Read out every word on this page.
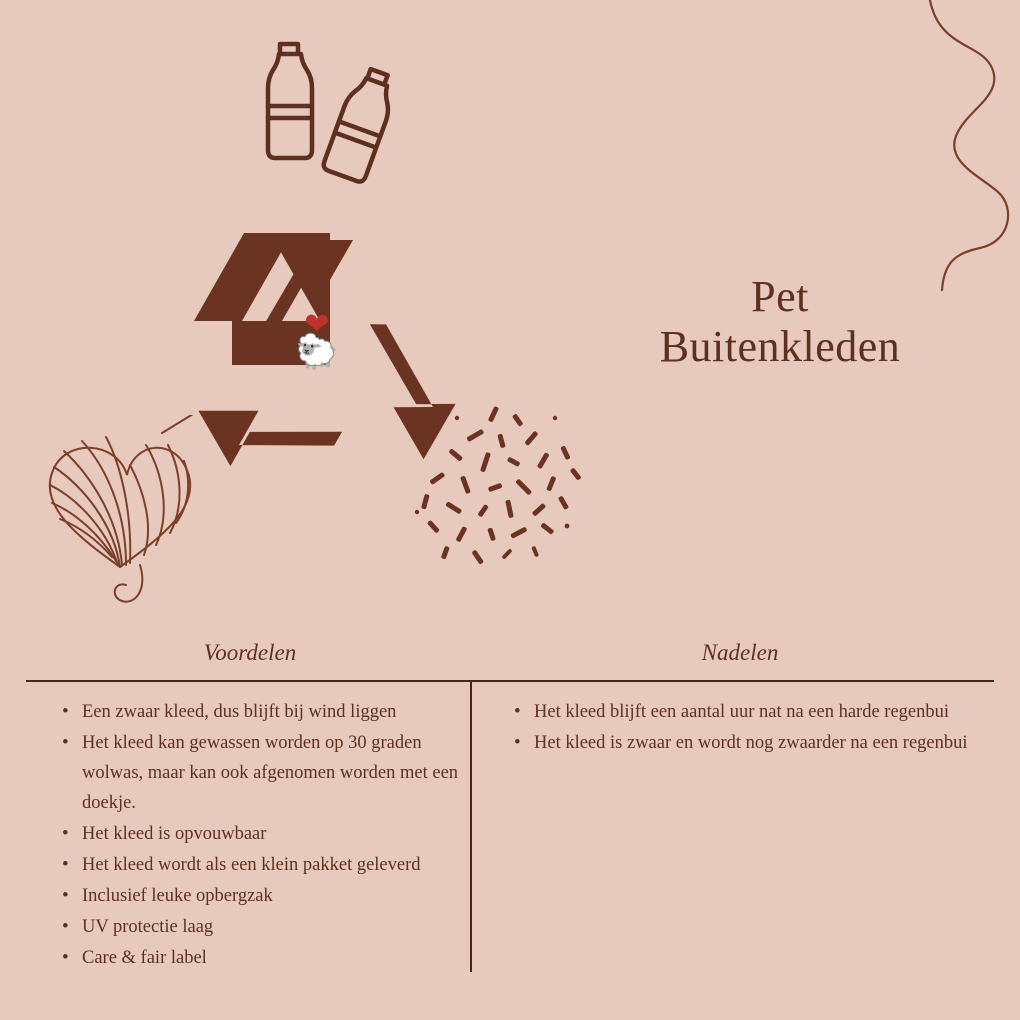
❤
🐑
Pet
Buitenkleden
Voordelen	Nadelen
• Een zwaar kleed, dus blijft bij wind liggen
• Het kleed kan gewassen worden op 30 graden wolwas, maar kan ook afgenomen worden met een doekje.
• Het kleed is opvouwbaar
• Het kleed wordt als een klein pakket geleverd
• Inclusief leuke opbergzak
• UV protectie laag
• Care & fair label
• Het kleed blijft een aantal uur nat na een harde regenbui
• Het kleed is zwaar en wordt nog zwaarder na een regenbui
